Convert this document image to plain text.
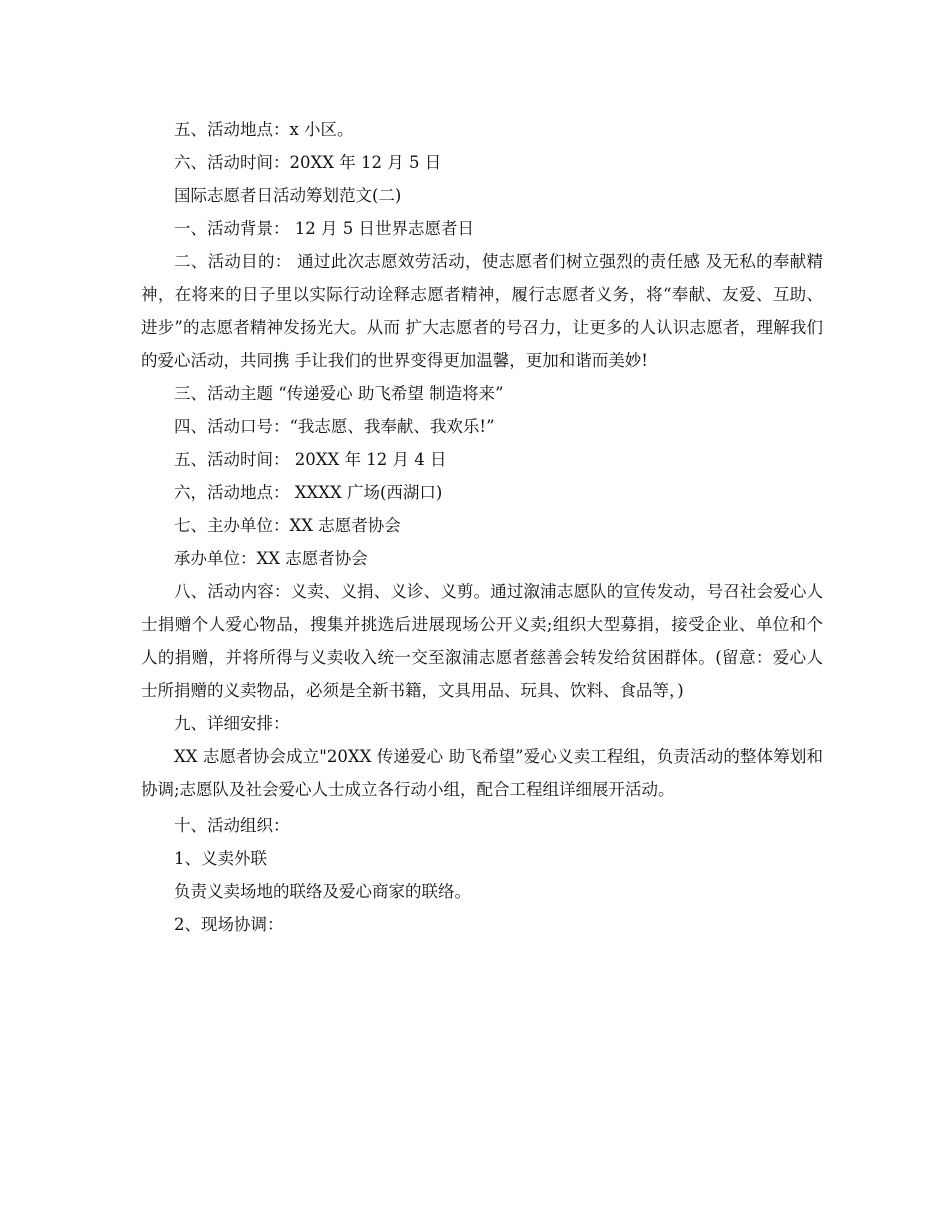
五、活动地点：x 小区。

六、活动时间：20XX 年 12 月 5 日

国际志愿者日活动筹划范文(二)

一、活动背景： 12 月 5 日世界志愿者日

二、活动目的： 通过此次志愿效劳活动，使志愿者们树立强烈的责任感 及无私的奉献精神，在将来的日子里以实际行动诠释志愿者精神，履行志愿者义务，将“奉献、友爱、互助、进步”的志愿者精神发扬光大。从而 扩大志愿者的号召力，让更多的人认识志愿者，理解我们的爱心活动，共同携 手让我们的世界变得更加温馨，更加和谐而美妙!

三、活动主题 “传递爱心 助飞希望 制造将来”

四、活动口号：“我志愿、我奉献、我欢乐!”

五、活动时间： 20XX 年 12 月 4 日

六，活动地点： XXXX 广场(西湖口)

七、主办单位：XX 志愿者协会

承办单位：XX 志愿者协会

八、活动内容：义卖、义捐、义诊、义剪。通过溆浦志愿队的宣传发动，号召社会爱心人士捐赠个人爱心物品，搜集并挑选后进展现场公开义卖;组织大型募捐，接受企业、单位和个人的捐赠，并将所得与义卖收入统一交至溆浦志愿者慈善会转发给贫困群体。(留意：爱心人士所捐赠的义卖物品，必须是全新书籍，文具用品、玩具、饮料、食品等，)

九、详细安排：

XX 志愿者协会成立"20XX 传递爱心 助飞希望”爱心义卖工程组，负责活动的整体筹划和协调;志愿队及社会爱心人士成立各行动小组，配合工程组详细展开活动。

十、活动组织：

1、义卖外联

负责义卖场地的联络及爱心商家的联络。

2、现场协调：
